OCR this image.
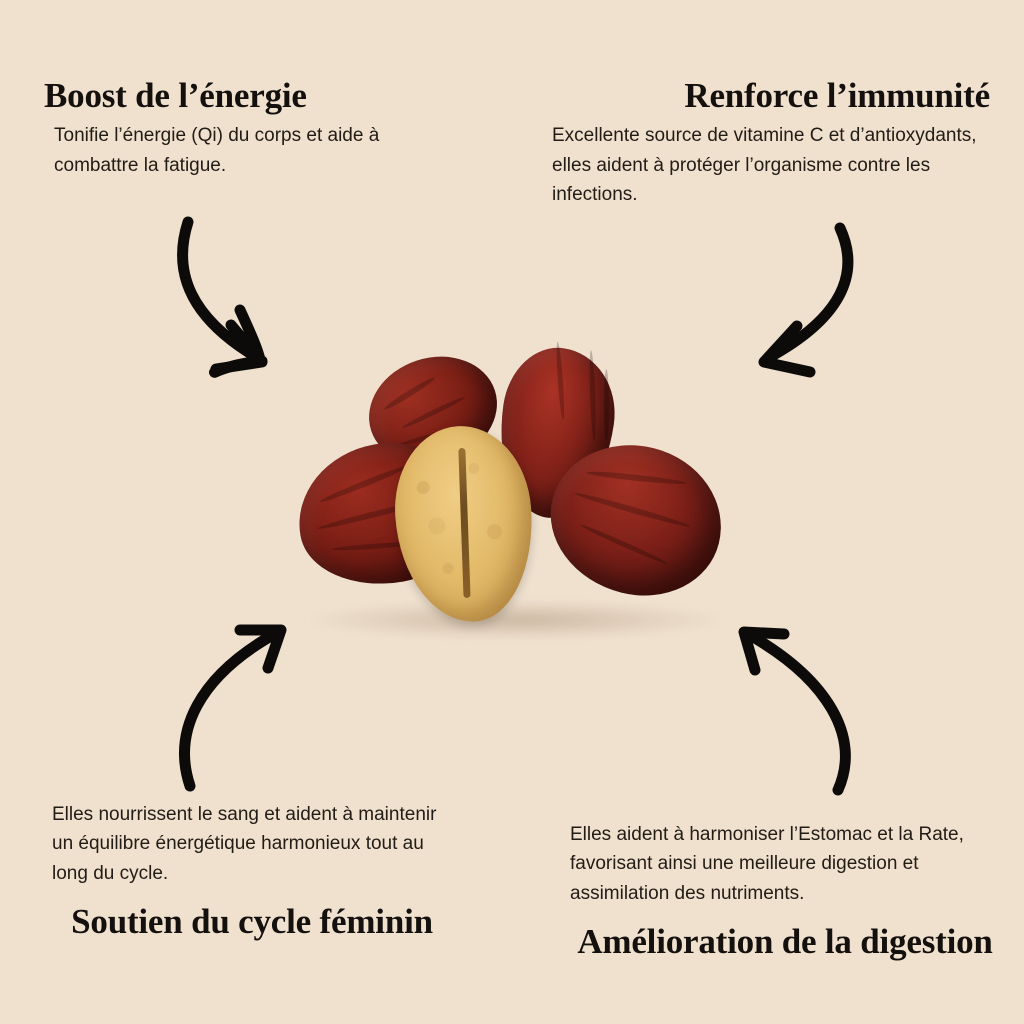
Boost de l’énergie

Tonifie l’énergie (Qi) du corps et aide à combattre la fatigue.

Renforce l’immunité

Excellente source de vitamine C et d’antioxydants, elles aident à protéger l’organisme contre les infections.

Elles nourrissent le sang et aident à maintenir un équilibre énergétique harmonieux tout au long du cycle.

Soutien du cycle féminin

Elles aident à harmoniser l’Estomac et la Rate, favorisant ainsi une meilleure digestion et assimilation des nutriments.

Amélioration de la digestion
